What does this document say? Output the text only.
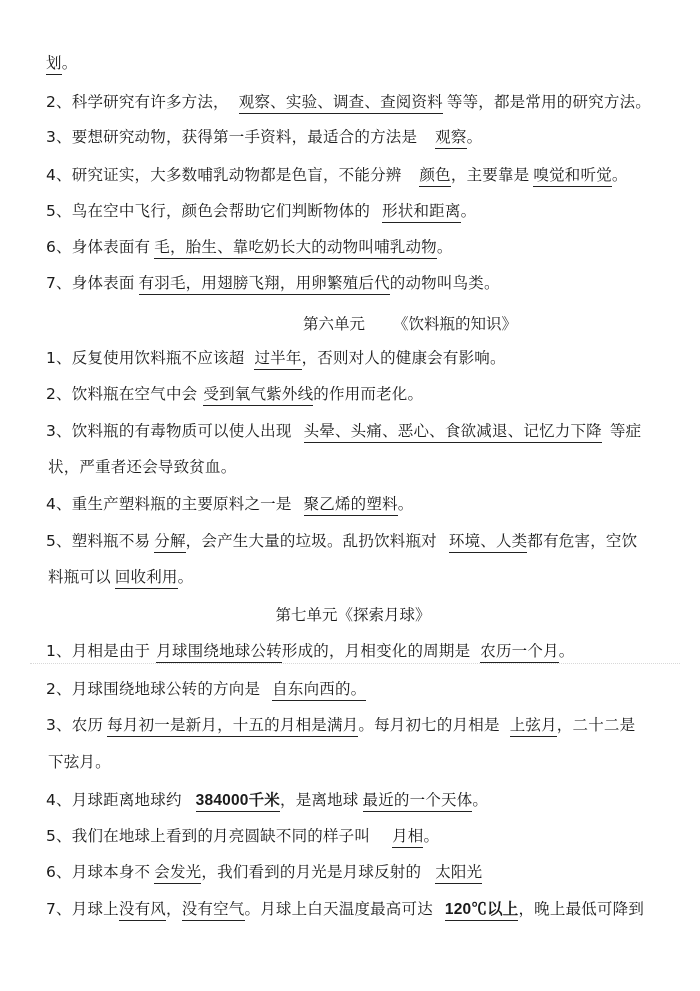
划。
2、科学研究有许多方法， 观察、实验、调查、查阅资料 等等，都是常用的研究方法。
3、要想研究动物，获得第一手资料，最适合的方法是 观察。
4、研究证实，大多数哺乳动物都是色盲，不能分辨 颜色，主要靠是 嗅觉和听觉。
5、鸟在空中飞行，颜色会帮助它们判断物体的 形状和距离。
6、身体表面有 毛，胎生、靠吃奶长大的动物叫哺乳动物。
7、身体表面 有羽毛，用翅膀飞翔，用卵繁殖后代的动物叫鸟类。
第六单元 《饮料瓶的知识》
1、反复使用饮料瓶不应该超 过半年，否则对人的健康会有影响。
2、饮料瓶在空气中会 受到氧气紫外线的作用而老化。
3、饮料瓶的有毒物质可以使人出现 头晕、头痛、恶心、食欲减退、记忆力下降 等症
状，严重者还会导致贫血。
4、重生产塑料瓶的主要原料之一是 聚乙烯的塑料。
5、塑料瓶不易 分解，会产生大量的垃圾。乱扔饮料瓶对 环境、人类都有危害，空饮
料瓶可以 回收利用。
第七单元《探索月球》
1、月相是由于 月球围绕地球公转形成的，月相变化的周期是 农历一个月。
2、月球围绕地球公转的方向是 自东向西的。
3、农历 每月初一是新月，十五的月相是满月。每月初七的月相是 上弦月，二十二是
下弦月。
4、月球距离地球约 384000千米，是离地球 最近的一个天体。
5、我们在地球上看到的月亮圆缺不同的样子叫 月相。
6、月球本身不 会发光，我们看到的月光是月球反射的 太阳光
7、月球上没有风，没有空气。月球上白天温度最高可达 120℃以上，晚上最低可降到
